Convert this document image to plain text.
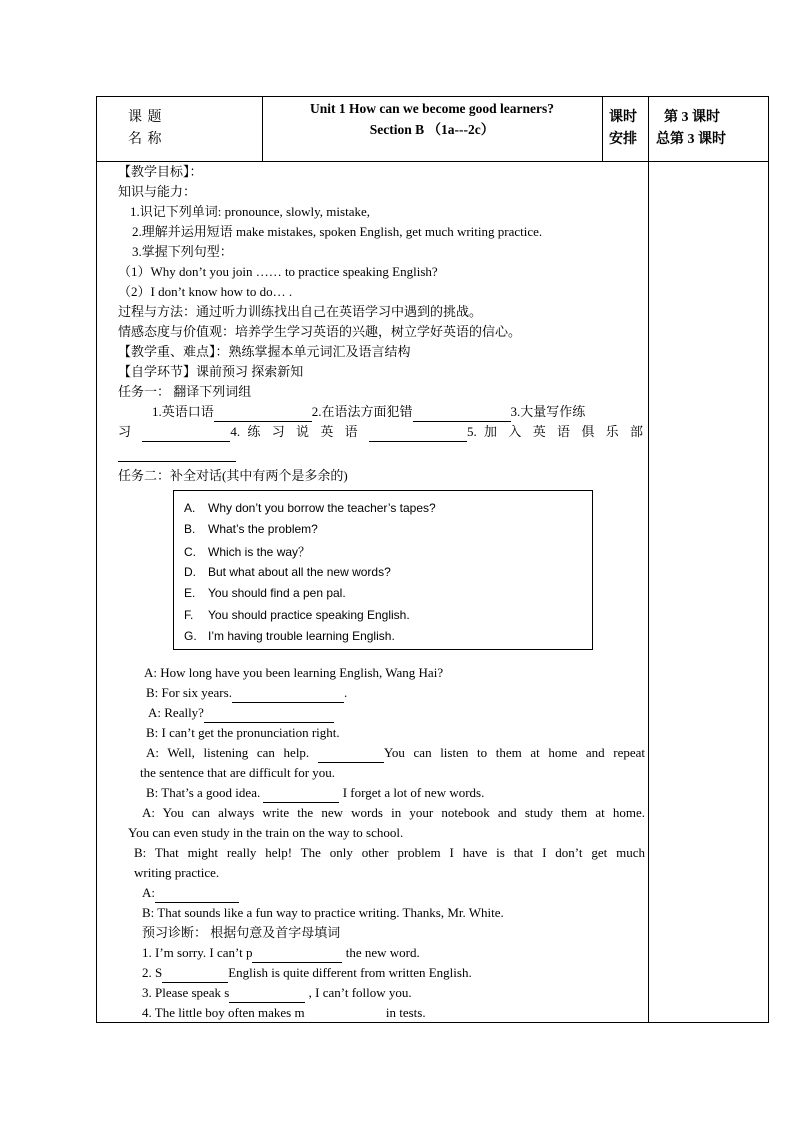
课 题
名 称
Unit 1 How can we become good learners?
Section B （1a---2c）
课时
安排
第 3 课时
总第 3 课时
【教学目标】：
知识与能力：
1.识记下列单词: pronounce, slowly, mistake,
2.理解并运用短语 make mistakes, spoken English, get much writing practice.
3.掌握下列句型：
（1）Why don’t you join …… to practice speaking English?
（2）I don’t know how to do… .
过程与方法：通过听力训练找出自己在英语学习中遇到的挑战。
情感态度与价值观：培养学生学习英语的兴趣，树立学好英语的信心。
【教学重、难点】：熟练掌握本单元词汇及语言结构
【自学环节】课前预习 探索新知
任务一： 翻译下列词组
1.英语口语	2.在语法方面犯错	3.大量写作练
习	4. 练 习 说 英 语	5. 加 入 英 语 俱 乐 部
任务二：补全对话(其中有两个是多余的)
A. Why don’t you borrow the teacher’s tapes?
B. What’s the problem?
C. Which is the way？
D. But what about all the new words?
E. You should find a pen pal.
F. You should practice speaking English.
G. I’m having trouble learning English.
A: How long have you been learning English, Wang Hai?
B: For six years.	.
A: Really?
B: I can’t get the pronunciation right.
A: Well, listening can help.	You can listen to them at home and repeat
the sentence that are difficult for you.
B: That’s a good idea.	I forget a lot of new words.
A: You can always write the new words in your notebook and study them at home.
You can even study in the train on the way to school.
B: That might really help! The only other problem I have is that I don’t get much
writing practice.
A:
B: That sounds like a fun way to practice writing. Thanks, Mr. White.
预习诊断： 根据句意及首字母填词
1. I’m sorry. I can’t p	the new word.
2. S	English is quite different from written English.
3. Please speak s	, I can’t follow you.
4. The little boy often makes m	in tests.
